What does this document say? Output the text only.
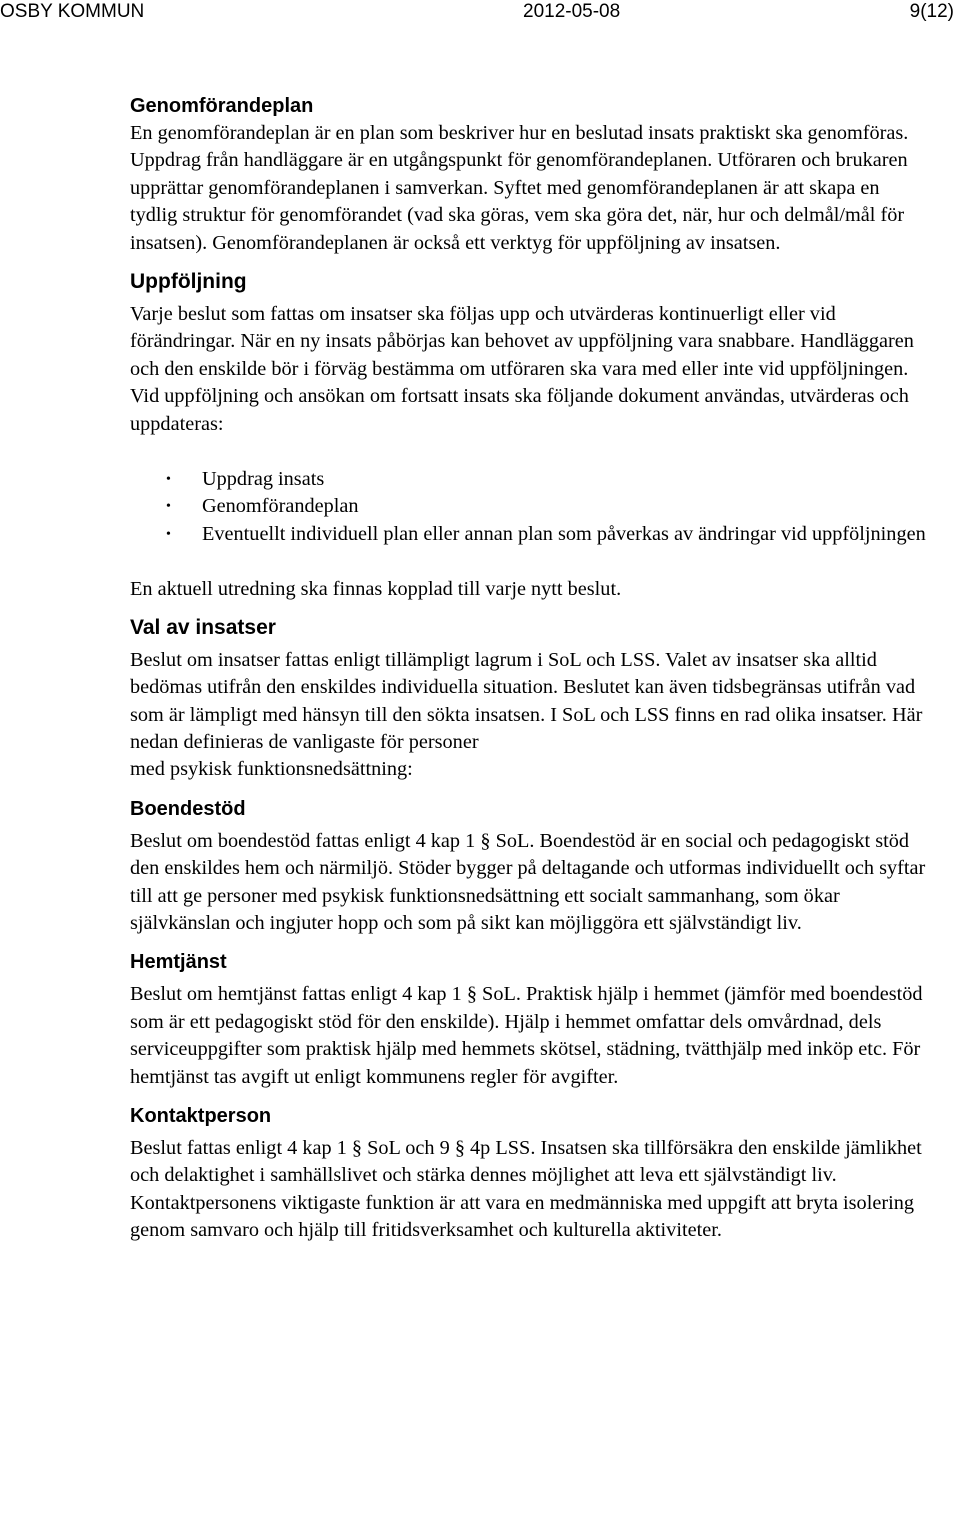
OSBY KOMMUN	2012-05-08	9(12)
Genomförandeplan

En genomförandeplan är en plan som beskriver hur en beslutad insats praktiskt ska genomföras. Uppdrag från handläggare är en utgångspunkt för genomförandeplanen. Utföraren och brukaren upprättar genomförandeplanen i samverkan. Syftet med genomförandeplanen är att skapa en tydlig struktur för genomförandet (vad ska göras, vem ska göra det, när, hur och delmål/mål för insatsen). Genomförandeplanen är också ett verktyg för uppföljning av insatsen.

Uppföljning

Varje beslut som fattas om insatser ska följas upp och utvärderas kontinuerligt eller vid förändringar. När en ny insats påbörjas kan behovet av uppföljning vara snabbare. Handläggaren och den enskilde bör i förväg bestämma om utföraren ska vara med eller inte vid uppföljningen. Vid uppföljning och ansökan om fortsatt insats ska följande dokument användas, utvärderas och uppdateras:

• Uppdrag insats
• Genomförandeplan
• Eventuellt individuell plan eller annan plan som påverkas av ändringar vid uppföljningen

En aktuell utredning ska finnas kopplad till varje nytt beslut.

Val av insatser

Beslut om insatser fattas enligt tillämpligt lagrum i SoL och LSS. Valet av insatser ska alltid bedömas utifrån den enskildes individuella situation. Beslutet kan även tidsbegränsas utifrån vad som är lämpligt med hänsyn till den sökta insatsen. I SoL och LSS finns en rad olika insatser. Här nedan definieras de vanligaste för personer

med psykisk funktionsnedsättning:

Boendestöd

Beslut om boendestöd fattas enligt 4 kap 1 § SoL. Boendestöd är en social och pedagogiskt stöd den enskildes hem och närmiljö. Stöder bygger på deltagande och utformas individuellt och syftar till att ge personer med psykisk funktionsnedsättning ett socialt sammanhang, som ökar självkänslan och ingjuter hopp och som på sikt kan möjliggöra ett självständigt liv.

Hemtjänst

Beslut om hemtjänst fattas enligt 4 kap 1 § SoL. Praktisk hjälp i hemmet (jämför med boendestöd som är ett pedagogiskt stöd för den enskilde). Hjälp i hemmet omfattar dels omvårdnad, dels serviceuppgifter som praktisk hjälp med hemmets skötsel, städning, tvätthjälp med inköp etc. För hemtjänst tas avgift ut enligt kommunens regler för avgifter.

Kontaktperson

Beslut fattas enligt 4 kap 1 § SoL och 9 § 4p LSS. Insatsen ska tillförsäkra den enskilde jämlikhet och delaktighet i samhällslivet och stärka dennes möjlighet att leva ett självständigt liv. Kontaktpersonens viktigaste funktion är att vara en medmänniska med uppgift att bryta isolering genom samvaro och hjälp till fritidsverksamhet och kulturella aktiviteter.
